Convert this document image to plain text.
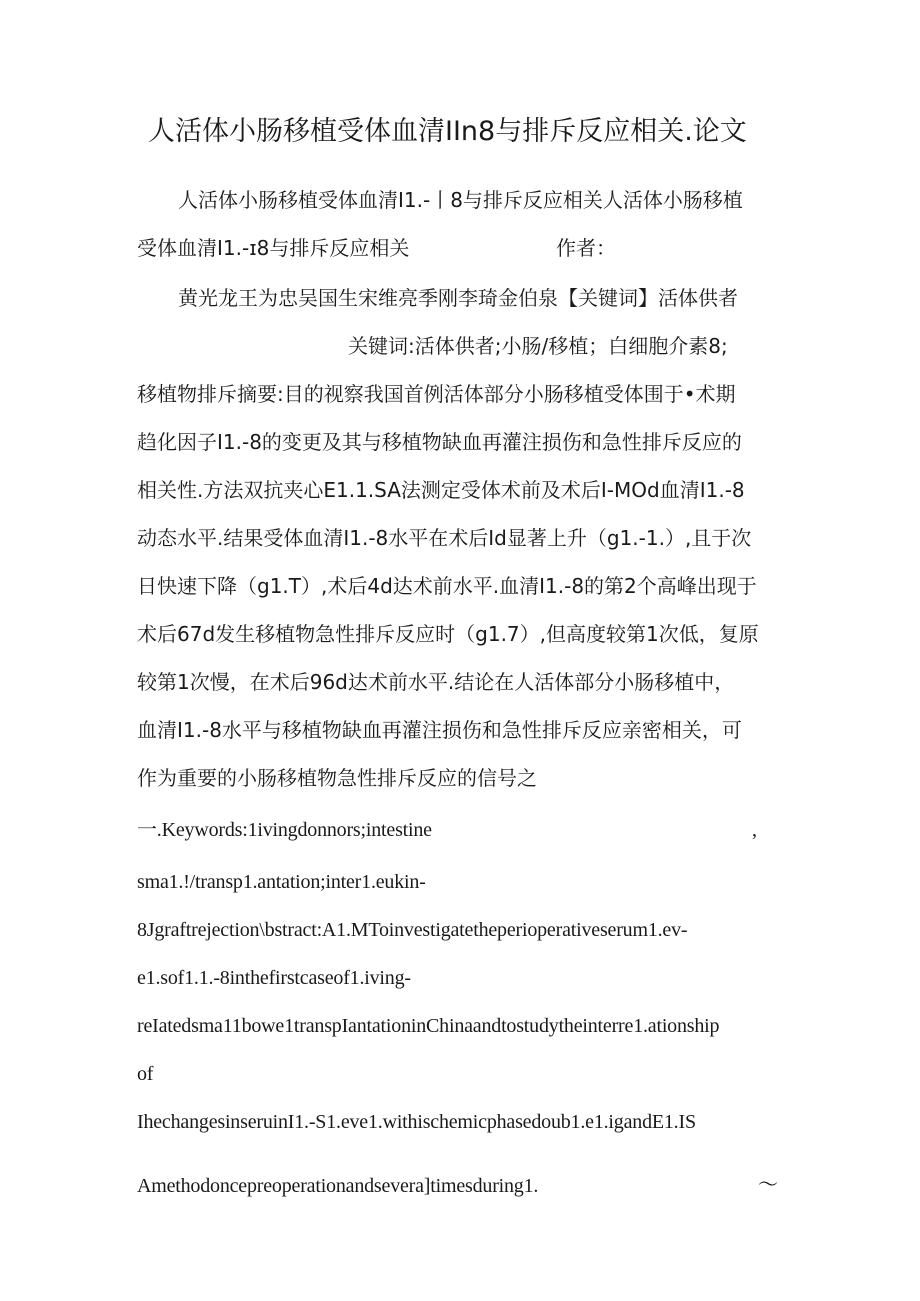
人活体小肠移植受体血清IIn8与排斥反应相关.论文
人活体小肠移植受体血清I1.-丨8与排斥反应相关人活体小肠移植
受体血清I1.-ɪ8与排斥反应相关	作者：
黄光龙王为忠吴国生宋维亮季刚李琦金伯泉【关键词】活体供者
关键词:活体供者;小肠/移植；白细胞介素8;
移植物排斥摘要:目的视察我国首例活体部分小肠移植受体围于•术期
趋化因子I1.-8的变更及其与移植物缺血再灌注损伤和急性排斥反应的
相关性.方法双抗夹心E1.1.SA法测定受体术前及术后I-MOd血清I1.-8
动态水平.结果受体血清I1.-8水平在术后Id显著上升（g1.-1.）,且于次
日快速下降（g1.T）,术后4d达术前水平.血清I1.-8的第2个高峰出现于
术后67d发生移植物急性排斥反应时（g1.7）,但高度较第1次低，复原
较第1次慢，在术后96d达术前水平.结论在人活体部分小肠移植中，
血清I1.-8水平与移植物缺血再灌注损伤和急性排斥反应亲密相关，可
作为重要的小肠移植物急性排斥反应的信号之
一.Keywords:1ivingdonnors;intestine	,
sma1.!/transp1.antation;inter1.eukin-
8Jgraftrejection\bstract:A1.MToinvestigatetheperioperativeserum1.ev-
e1.sof1.1.-8inthefirstcaseof1.iving-
reIatedsma11bowe1transpIantationinChinaandtostudytheinterre1.ationship
of
IhechangesinseruinI1.-S1.eve1.withischemicphasedoub1.e1.igandE1.IS
Amethodoncepreoperationandsevera]timesduring1.	～
